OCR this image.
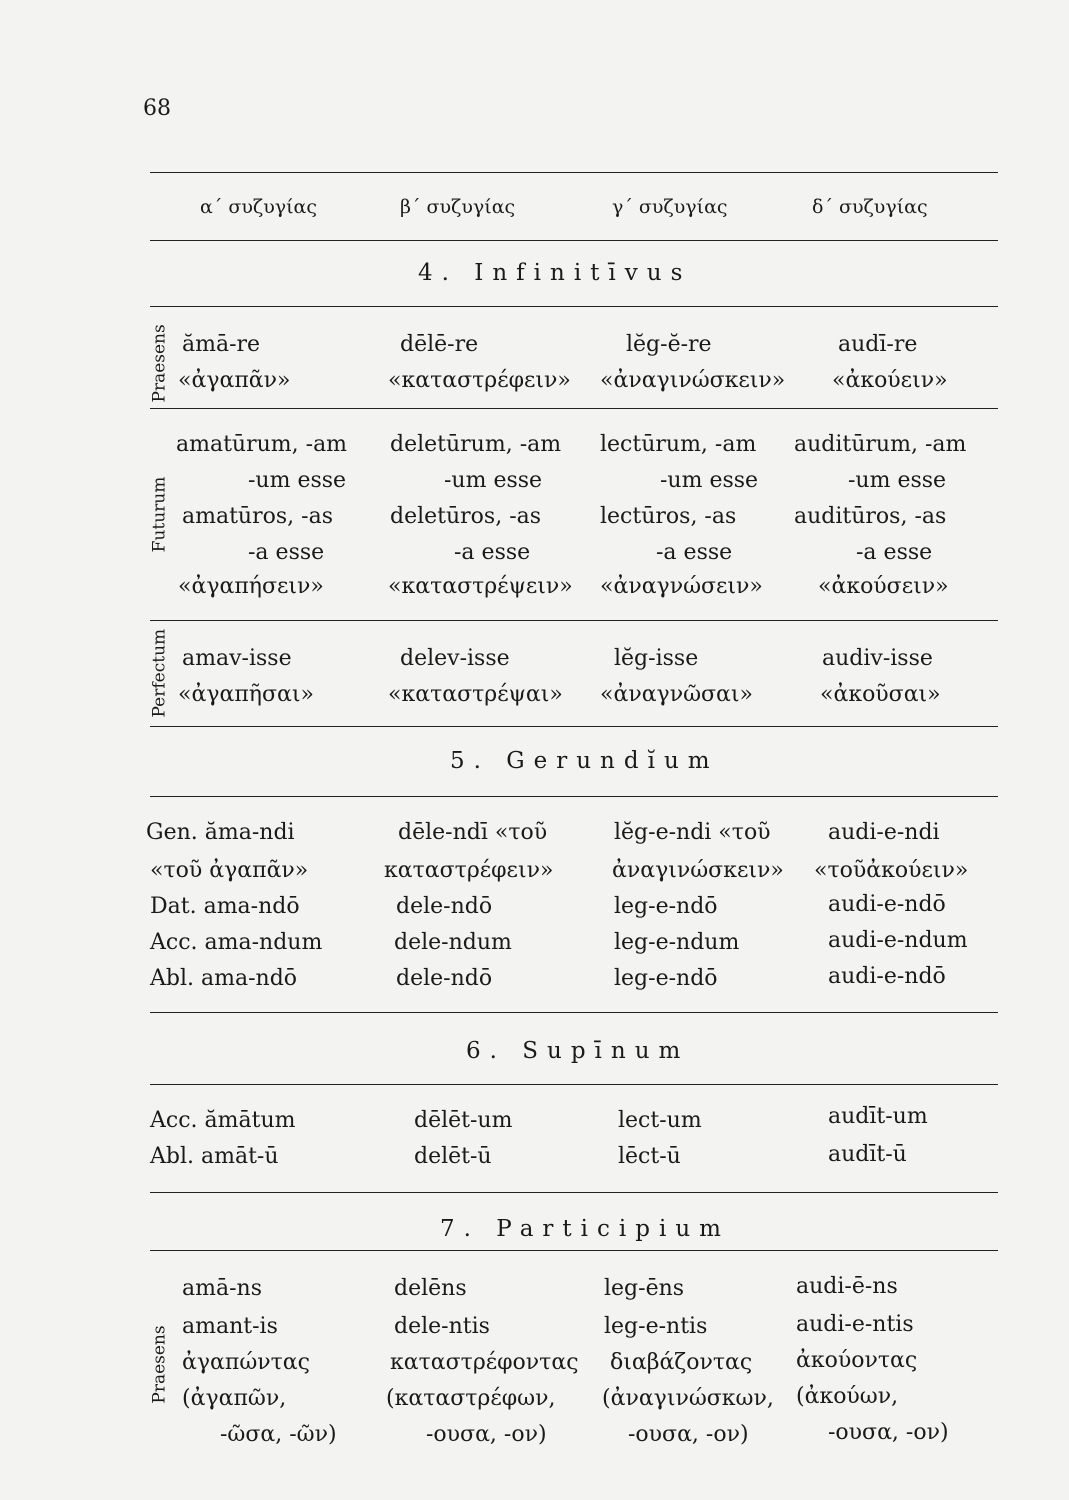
68
α΄ συζυγίας	β΄ συζυγίας	γ΄ συζυγίας	δ΄ συζυγίας
4. Infinitīvus
Praesens ămā-re	dēlē-re	lĕg-ĕ-re	audī-re
«ἀγαπᾶν»	«καταστρέφειν» «ἀναγινώσκειν» «ἀκούειν»
Futurum
amatūrum, -am deletūrum, -am lectūrum, -am auditūrum, -am
-um esse	-um esse	-um esse	-um esse
amatūros, -as	deletūros, -as	lectūros, -as	auditūros, -as
-a esse	-a esse	-a esse	-a esse
«ἀγαπήσειν»	«καταστρέψειν» «ἀναγνώσειν»	«ἀκούσειν»
Perfectum amav-isse	delev-isse	lĕg-isse	audiv-isse
«ἀγαπῆσαι»	«καταστρέψαι» «ἀναγνῶσαι»	«ἀκοῦσαι»
5. Gerundĭum
Gen. ăma-ndi	dēle-ndī «τοῦ	lĕg-e-ndi «τοῦ	audi-e-ndi
«τοῦ ἀγαπᾶν»	καταστρέφειν»	ἀναγινώσκειν» «τοῦἀκούειν»
Dat. ama-ndō	dele-ndō	leg-e-ndō	audi-e-ndō
Acc. ama-ndum	dele-ndum	leg-e-ndum	audi-e-ndum
Abl. ama-ndō	dele-ndō	leg-e-ndō	audi-e-ndō
6. Supīnum
Acc. ămātum	dēlēt-um	lect-um	audīt-um
Abl. amāt-ū	delēt-ū	lēct-ū	audīt-ū
7. Participium
Praesens
amā-ns	delēns	leg-ēns	audi-ē-ns
amant-is	dele-ntis	leg-e-ntis	audi-e-ntis
ἀγαπώντας	καταστρέφοντας διαβάζοντας ἀκούοντας
(ἀγαπῶν,	(καταστρέφων, (ἀναγινώσκων, (ἀκούων,
-ῶσα, -ῶν)	-ουσα, -ον)	-ουσα, -ον)	-ουσα, -ον)
